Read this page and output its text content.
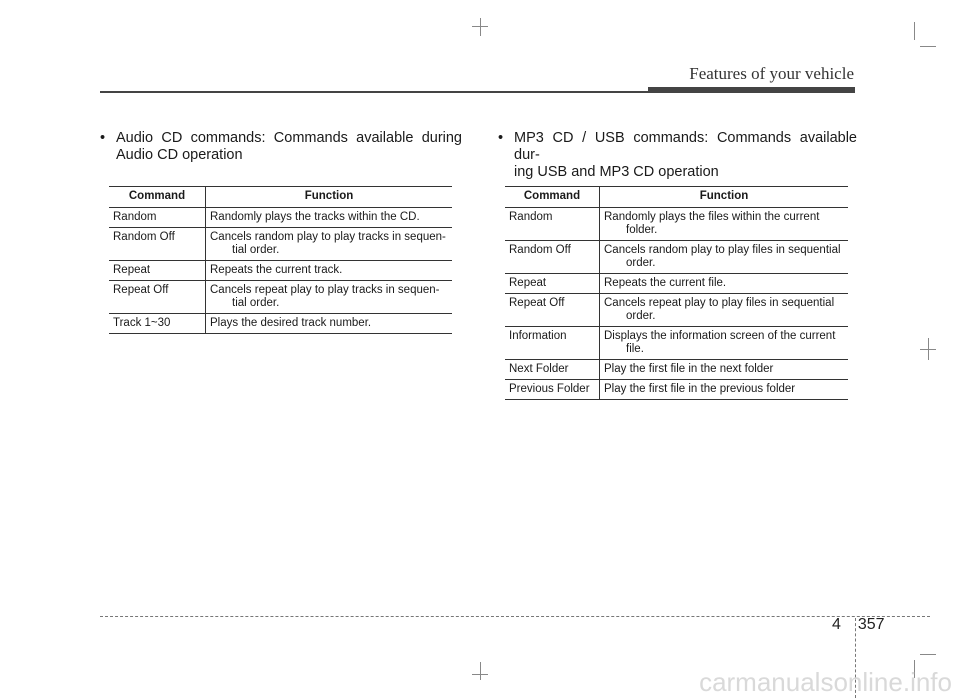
Features of your vehicle
• Audio CD commands: Commands available during
Audio CD operation
Command	Function
Random	Randomly plays the tracks within the CD.
Random Off	Cancels random play to play tracks in sequen-
tial order.

Repeat	Repeats the current track.
Repeat Off	Cancels repeat play to play tracks in sequen-
tial order.

Track 1~30	Plays the desired track number.
• MP3 CD / USB commands: Commands available dur-
ing USB and MP3 CD operation
Command	Function
Random	Randomly plays the files within the current
folder.

Random Off	Cancels random play to play files in sequential
order.

Repeat	Repeats the current file.
Repeat Off	Cancels repeat play to play files in sequential
order.

Information	Displays the information screen of the current
file.

Next Folder	Play the first file in the next folder
Previous Folder	Play the first file in the previous folder
4 357
carmanualsonline.info
